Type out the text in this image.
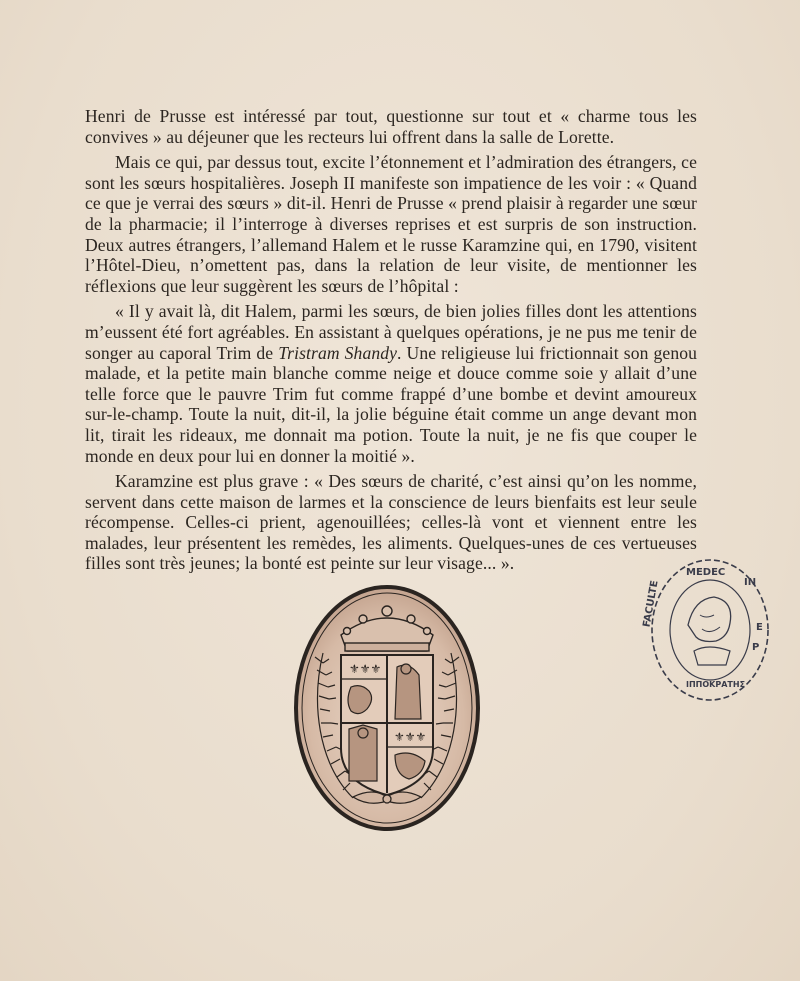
Henri de Prusse est intéressé par tout, questionne sur tout et « charme tous les convives » au déjeuner que les recteurs lui offrent dans la salle de Lorette.

Mais ce qui, par dessus tout, excite l’étonnement et l’admiration des étrangers, ce sont les sœurs hospitalières. Joseph II manifeste son impatience de les voir : « Quand ce que je verrai des sœurs » dit-il. Henri de Prusse « prend plaisir à regarder une sœur de la pharmacie; il l’interroge à diverses reprises et est surpris de son instruction. Deux autres étrangers, l’allemand Halem et le russe Karamzine qui, en 1790, visitent l’Hôtel-Dieu, n’omettent pas, dans la relation de leur visite, de mentionner les réflexions que leur suggèrent les sœurs de l’hôpital :

« Il y avait là, dit Halem, parmi les sœurs, de bien jolies filles dont les attentions m’eussent été fort agréables. En assistant à quelques opérations, je ne pus me tenir de songer au caporal Trim de Tristram Shandy. Une religieuse lui frictionnait son genou malade, et la petite main blanche comme neige et douce comme soie y allait d’une telle force que le pauvre Trim fut comme frappé d’une bombe et devint amoureux sur-le-champ. Toute la nuit, dit-il, la jolie béguine était comme un ange devant mon lit, tirait les rideaux, me donnait ma potion. Toute la nuit, je ne fis que couper le monde en deux pour lui en donner la moitié ».

Karamzine est plus grave : « Des sœurs de charité, c’est ainsi qu’on les nomme, servent dans cette maison de larmes et la conscience de leurs bienfaits est leur seule récompense. Celles-ci prient, agenouillées; celles-là vont et viennent entre les malades, leur présentent les remèdes, les aliments. Quelques-unes de ces vertueuses filles sont très jeunes; la bonté est peinte sur leur visage... ».

⚜⚜⚜
⚜⚜⚜
MEDEC
IN
FACULTE	E
P
ΙΠΠΟΚΡΑΤΗΣ
